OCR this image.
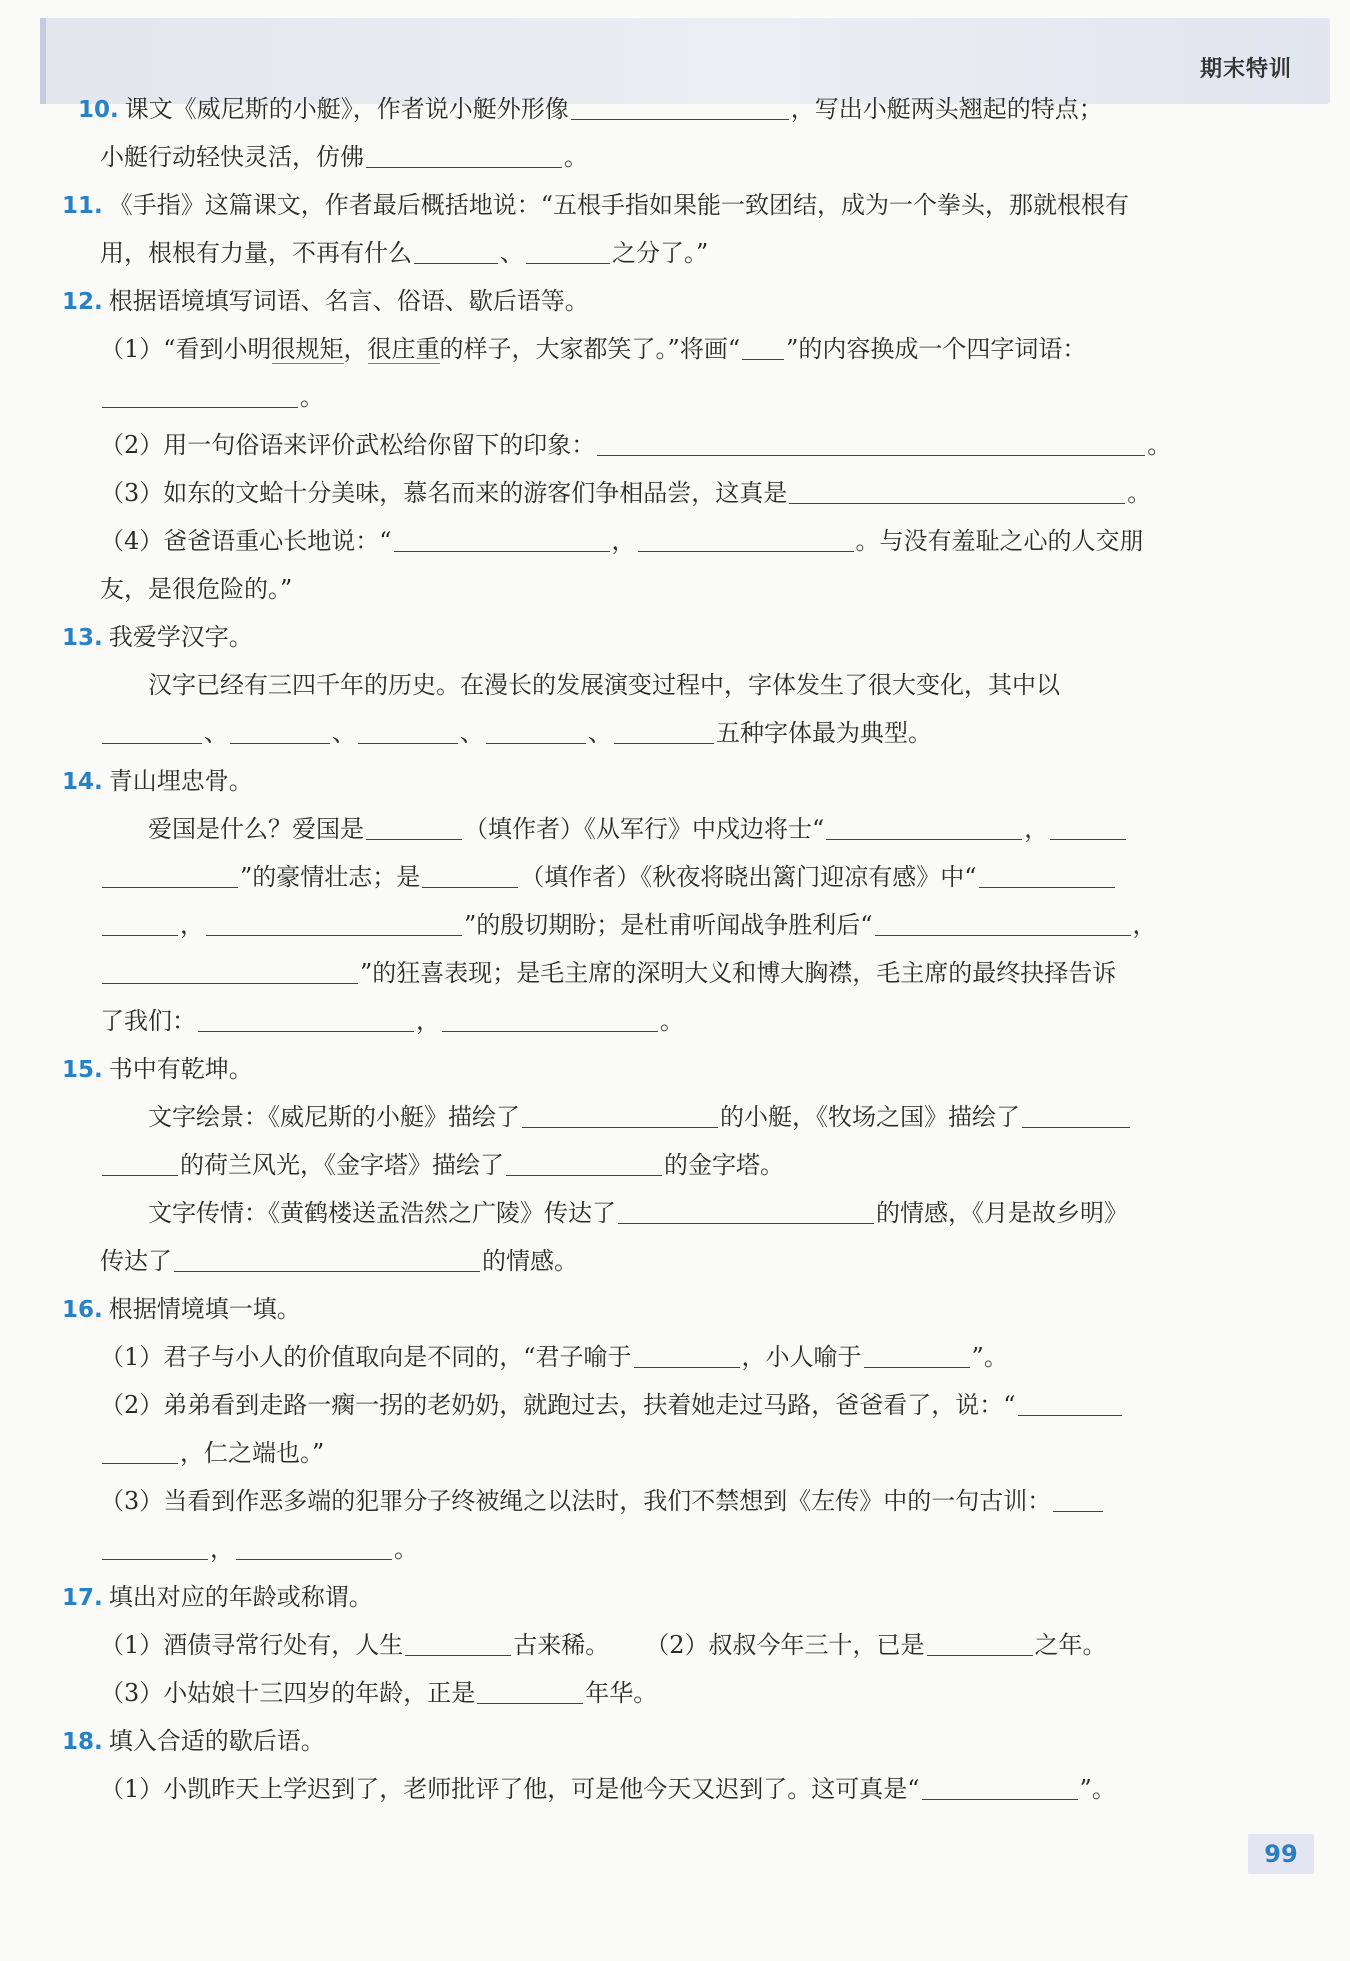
期末特训
10. 课文《威尼斯的小艇》，作者说小艇外形像	，写出小艇两头翘起的特点；
小艇行动轻快灵活，仿佛	。
11. 《手指》这篇课文，作者最后概括地说：“五根手指如果能一致团结，成为一个拳头，那就根根有
用，根根有力量，不再有什么	、	之分了。”
12. 根据语境填写词语、名言、俗语、歇后语等。
（1）“看到小明很规矩，很庄重的样子，大家都笑了。”将画“ ”的内容换成一个四字词语：
。
（2）用一句俗语来评价武松给你留下的印象：	。
（3）如东的文蛤十分美味，慕名而来的游客们争相品尝，这真是	。
（4）爸爸语重心长地说：“	，	。与没有羞耻之心的人交朋
友，是很危险的。”
13. 我爱学汉字。
汉字已经有三四千年的历史。在漫长的发展演变过程中，字体发生了很大变化，其中以
、	、	、	、	五种字体最为典型。
14. 青山埋忠骨。
爱国是什么？爱国是	（填作者）《从军行》中戍边将士“	，
”的豪情壮志；是	（填作者）《秋夜将晓出篱门迎凉有感》中“
，	”的殷切期盼；是杜甫听闻战争胜利后“	，
”的狂喜表现；是毛主席的深明大义和博大胸襟，毛主席的最终抉择告诉
了我们：	，	。
15. 书中有乾坤。
文字绘景：《威尼斯的小艇》描绘了	的小艇，《牧场之国》描绘了
的荷兰风光，《金字塔》描绘了	的金字塔。
文字传情：《黄鹤楼送孟浩然之广陵》传达了	的情感，《月是故乡明》
传达了	的情感。
16. 根据情境填一填。
（1）君子与小人的价值取向是不同的，“君子喻于	，小人喻于	”。
（2）弟弟看到走路一瘸一拐的老奶奶，就跑过去，扶着她走过马路，爸爸看了，说：“
，仁之端也。”
（3）当看到作恶多端的犯罪分子终被绳之以法时，我们不禁想到《左传》中的一句古训：
，	。
17. 填出对应的年龄或称谓。
（1）酒债寻常行处有，人生	古来稀。 （2）叔叔今年三十，已是	之年。
（3）小姑娘十三四岁的年龄，正是	年华。
18. 填入合适的歇后语。
（1）小凯昨天上学迟到了，老师批评了他，可是他今天又迟到了。这可真是“	”。
99
